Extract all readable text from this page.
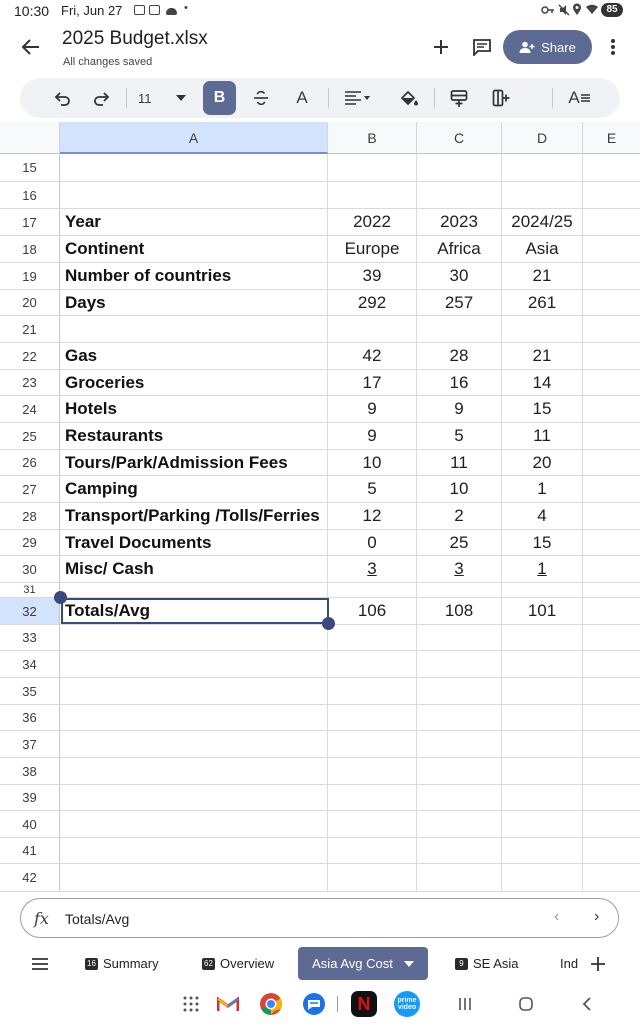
10:30 Fri, Jun 27	•	85
2025 Budget.xlsx
All changes saved
Share
11	B	A	A
A	B	C	D	E
15
16
17	Year	2022	2023	2024/25
18	Continent	Europe	Africa	Asia
19	Number of countries	39	30	21
20	Days	292	257	261
21
22	Gas	42	28	21
23	Groceries	17	16	14
24	Hotels	9	9	15
25	Restaurants	9	5	11
26	Tours/Park/Admission Fees	10	11	20
27	Camping	5	10	1
28	Transport/Parking /Tolls/Ferries	12	2	4
29	Travel Documents	0	25	15
30	Misc/ Cash	3	3	1
31
32	Totals/Avg	106	108	101
33
34
35
36
37
38
39
40
41
42
fx Totals/Avg	‹ ›
16 Summary	62 Overview	Asia Avg Cost	9 SE Asia	Ind
N	prime video
